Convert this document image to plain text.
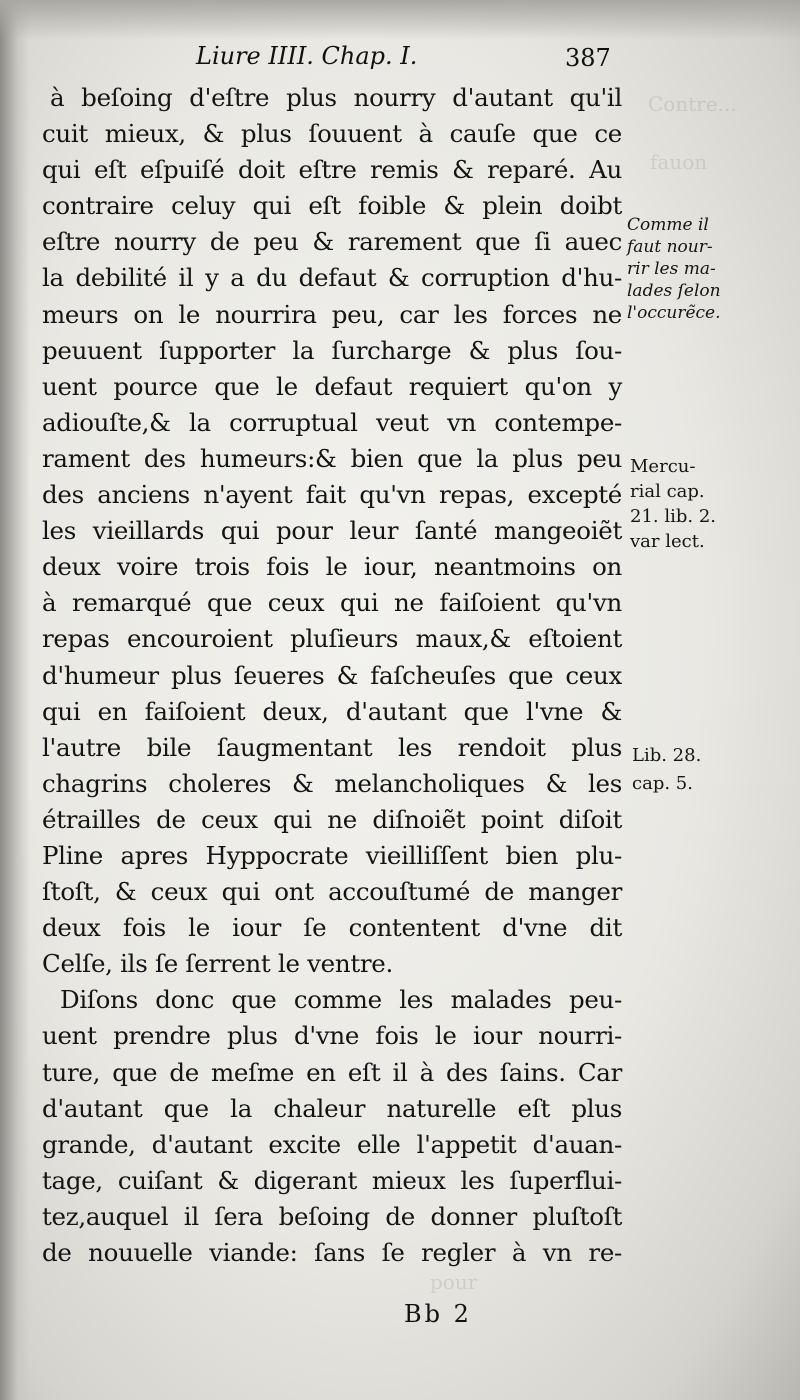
Contre...
fauon
pour
Liure IIII. Chap. I.	387
à beſoing d'eſtre plus nourry d'autant qu'il
cuit mieux, & plus ſouuent à cauſe que ce
qui eſt eſpuiſé doit eſtre remis & reparé. Au
contraire celuy qui eſt foible & plein doibt
eſtre nourry de peu & rarement que ſi auec
la debilité il y a du defaut & corruption d'hu-
meurs on le nourrira peu, car les forces ne
peuuent ſupporter la ſurcharge & plus ſou-
uent pource que le defaut requiert qu'on y
adiouſte,& la corruptual veut vn contempe-
rament des humeurs:& bien que la plus peu
des anciens n'ayent fait qu'vn repas, excepté
les vieillards qui pour leur ſanté mangeoiẽt
deux voire trois fois le iour, neantmoins on
à remarqué que ceux qui ne faiſoient qu'vn
repas encouroient pluſieurs maux,& eſtoient
d'humeur plus ſeueres & faſcheuſes que ceux
qui en faiſoient deux, d'autant que l'vne &
l'autre bile ſaugmentant les rendoit plus
chagrins choleres & melancholiques & les
étrailles de ceux qui ne diſnoiẽt point diſoit
Pline apres Hyppocrate vieilliſſent bien plu-
ſtoſt, & ceux qui ont accouſtumé de manger
deux fois le iour ſe contentent d'vne dit
Celſe, ils ſe ſerrent le ventre.
Diſons donc que comme les malades peu-
uent prendre plus d'vne fois le iour nourri-
ture, que de meſme en eſt il à des ſains. Car
d'autant que la chaleur naturelle eſt plus
grande, d'autant excite elle l'appetit d'auan-
tage, cuiſant & digerant mieux les ſuperflui-
tez,auquel il ſera beſoing de donner pluſtoſt
de nouuelle viande: ſans ſe regler à vn re-
Comme il
faut nour-
rir les ma-
lades ſelon
l'occurẽce.
Mercu-
rial cap.
21. lib. 2.
var lect.
Lib. 28.
cap. 5.
Bb 2
